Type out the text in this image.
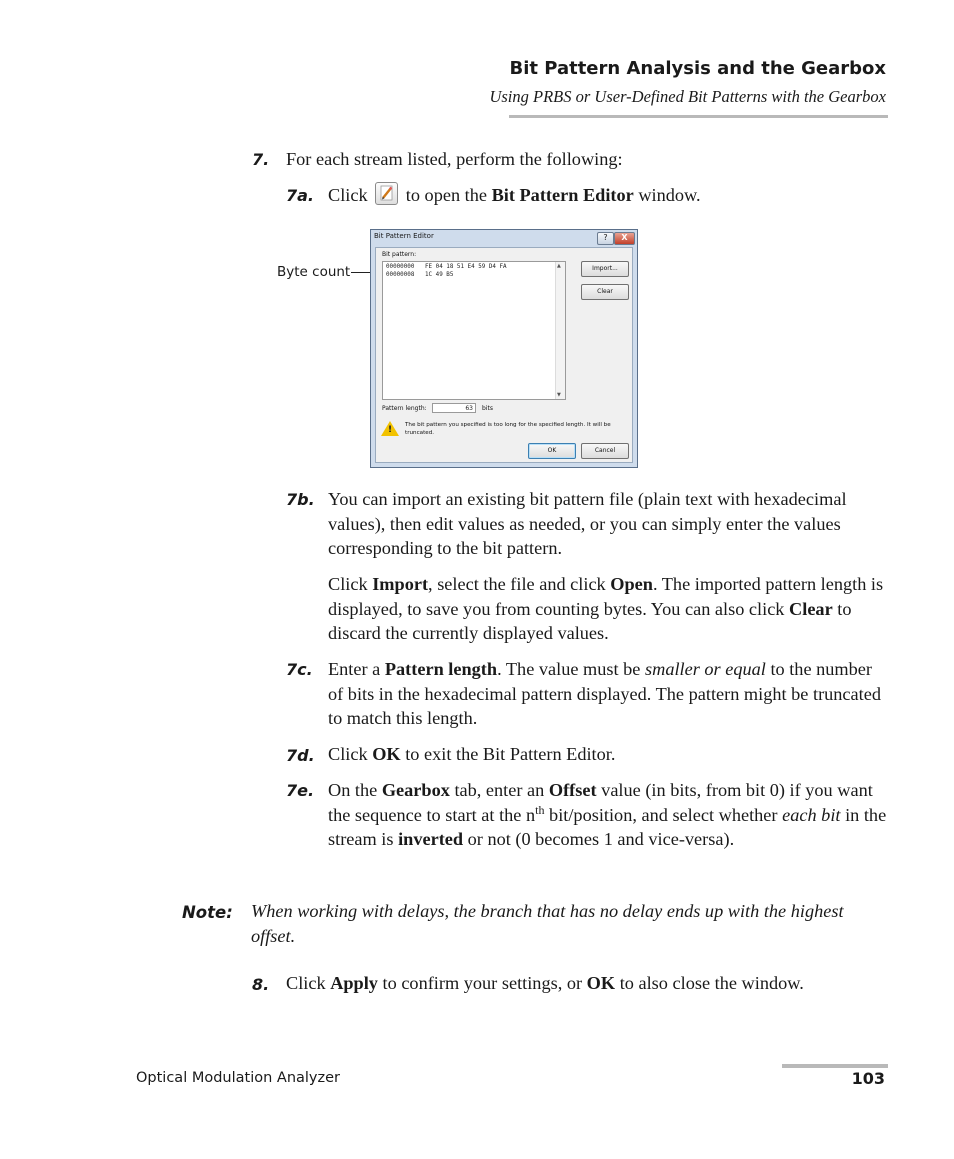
Bit Pattern Analysis and the Gearbox
Using PRBS or User-Defined Bit Patterns with the Gearbox
7. For each stream listed, perform the following:
7a. Click to open the Bit Pattern Editor window.
Byte count
Bit Pattern Editor	?	X
Bit pattern:
00000000 FE 04 18 51 E4 59 D4 FA
00000008 1C 49 B5
▲
▼
Import...
Clear
Pattern length:	63	bits
! The bit pattern you specified is too long for the specified length. It will be truncated.
OK	Cancel
7b. You can import an existing bit pattern file (plain text with hexadecimal values), then edit values as needed, or you can simply enter the values corresponding to the bit pattern.
Click Import, select the file and click Open. The imported pattern length is displayed, to save you from counting bytes. You can also click Clear to discard the currently displayed values.
7c. Enter a Pattern length. The value must be smaller or equal to the number of bits in the hexadecimal pattern displayed. The pattern might be truncated to match this length.
7d. Click OK to exit the Bit Pattern Editor.
7e. On the Gearbox tab, enter an Offset value (in bits, from bit 0) if you want the sequence to start at the $n^{th}$ bit/position, and select whether each bit in the stream is inverted or not (0 becomes 1 and vice-versa).
Note: When working with delays, the branch that has no delay ends up with the highest offset.
8. Click Apply to confirm your settings, or OK to also close the window.
Optical Modulation Analyzer	103
